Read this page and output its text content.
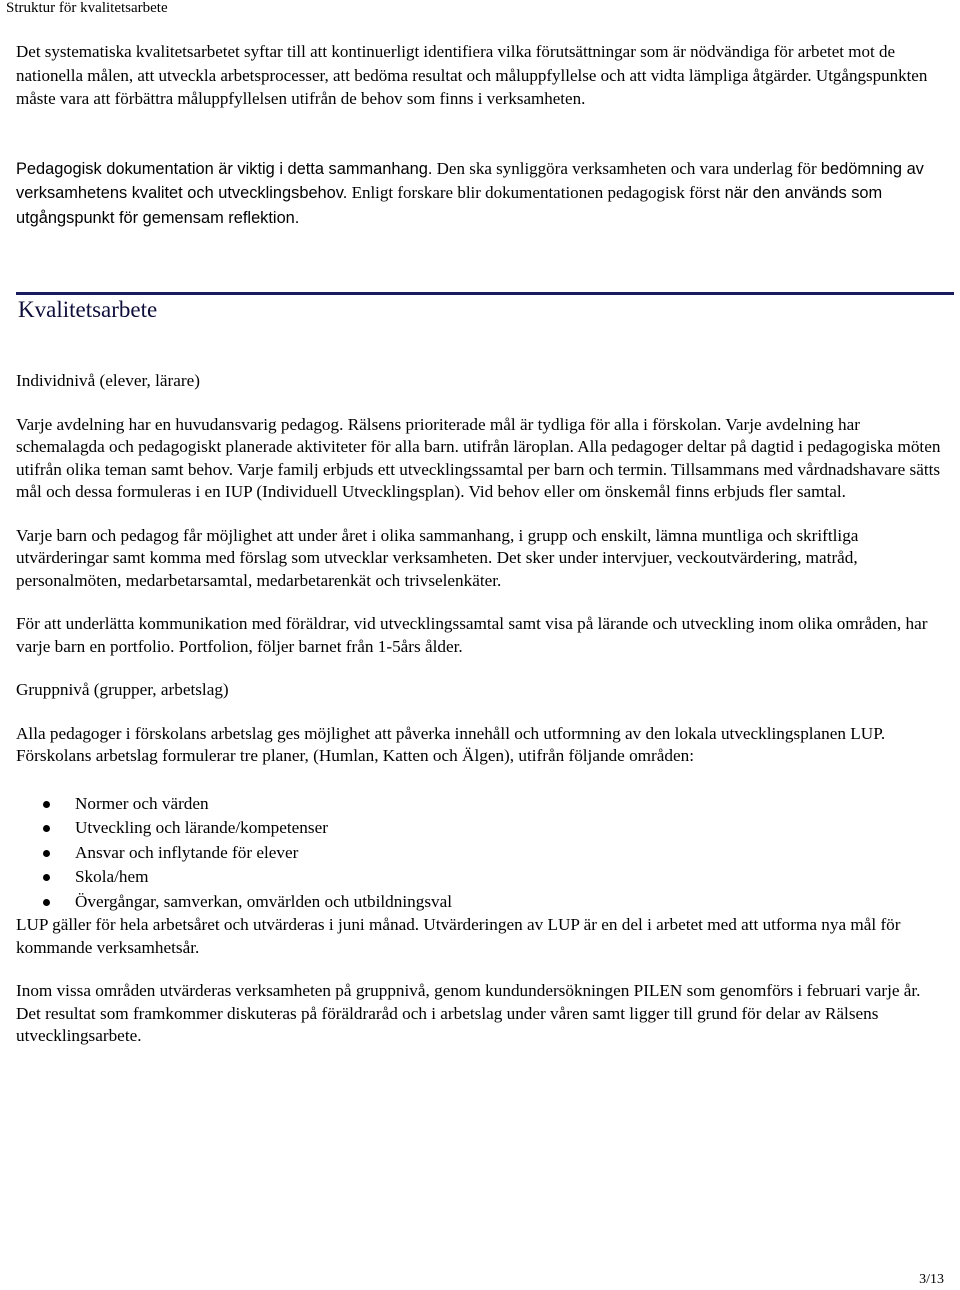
Struktur för kvalitetsarbete

Det systematiska kvalitetsarbetet syftar till att kontinuerligt identifiera vilka förutsättningar som är nödvändiga för arbetet mot de nationella målen, att utveckla arbetsprocesser, att bedöma resultat och måluppfyllelse och att vidta lämpliga åtgärder. Utgångspunkten måste vara att förbättra måluppfyllelsen utifrån de behov som finns i verksamheten.

Pedagogisk dokumentation är viktig i detta sammanhang. Den ska synliggöra verksamheten och vara underlag för bedömning av verksamhetens kvalitet och utvecklingsbehov. Enligt forskare blir dokumentationen pedagogisk först när den används som utgångspunkt för gemensam reflektion.

Kvalitetsarbete

Individnivå (elever, lärare)

Varje avdelning har en huvudansvarig pedagog. Rälsens prioriterade mål är tydliga för alla i förskolan. Varje avdelning har schemalagda och pedagogiskt planerade aktiviteter för alla barn. utifrån läroplan. Alla pedagoger deltar på dagtid i pedagogiska möten utifrån olika teman samt behov. Varje familj erbjuds ett utvecklingssamtal per barn och termin. Tillsammans med vårdnadshavare sätts mål och dessa formuleras i en IUP (Individuell Utvecklingsplan). Vid behov eller om önskemål finns erbjuds fler samtal.

Varje barn och pedagog får möjlighet att under året i olika sammanhang, i grupp och enskilt, lämna muntliga och skriftliga utvärderingar samt komma med förslag som utvecklar verksamheten. Det sker under intervjuer, veckoutvärdering, matråd, personalmöten, medarbetarsamtal, medarbetarenkät och trivselenkäter.

För att underlätta kommunikation med föräldrar, vid utvecklingssamtal samt visa på lärande och utveckling inom olika områden, har varje barn en portfolio. Portfolion, följer barnet från 1-5års ålder.

Gruppnivå (grupper, arbetslag)

Alla pedagoger i förskolans arbetslag ges möjlighet att påverka innehåll och utformning av den lokala utvecklingsplanen LUP. Förskolans arbetslag formulerar tre planer, (Humlan, Katten och Älgen), utifrån följande områden:

Normer och värden
Utveckling och lärande/kompetenser
Ansvar och inflytande för elever
Skola/hem
Övergångar, samverkan, omvärlden och utbildningsval

LUP gäller för hela arbetsåret och utvärderas i juni månad. Utvärderingen av LUP är en del i arbetet med att utforma nya mål för kommande verksamhetsår.

Inom vissa områden utvärderas verksamheten på gruppnivå, genom kundundersökningen PILEN som genomförs i februari varje år. Det resultat som framkommer diskuteras på föräldraråd och i arbetslag under våren samt ligger till grund för delar av Rälsens utvecklingsarbete.

3/13
